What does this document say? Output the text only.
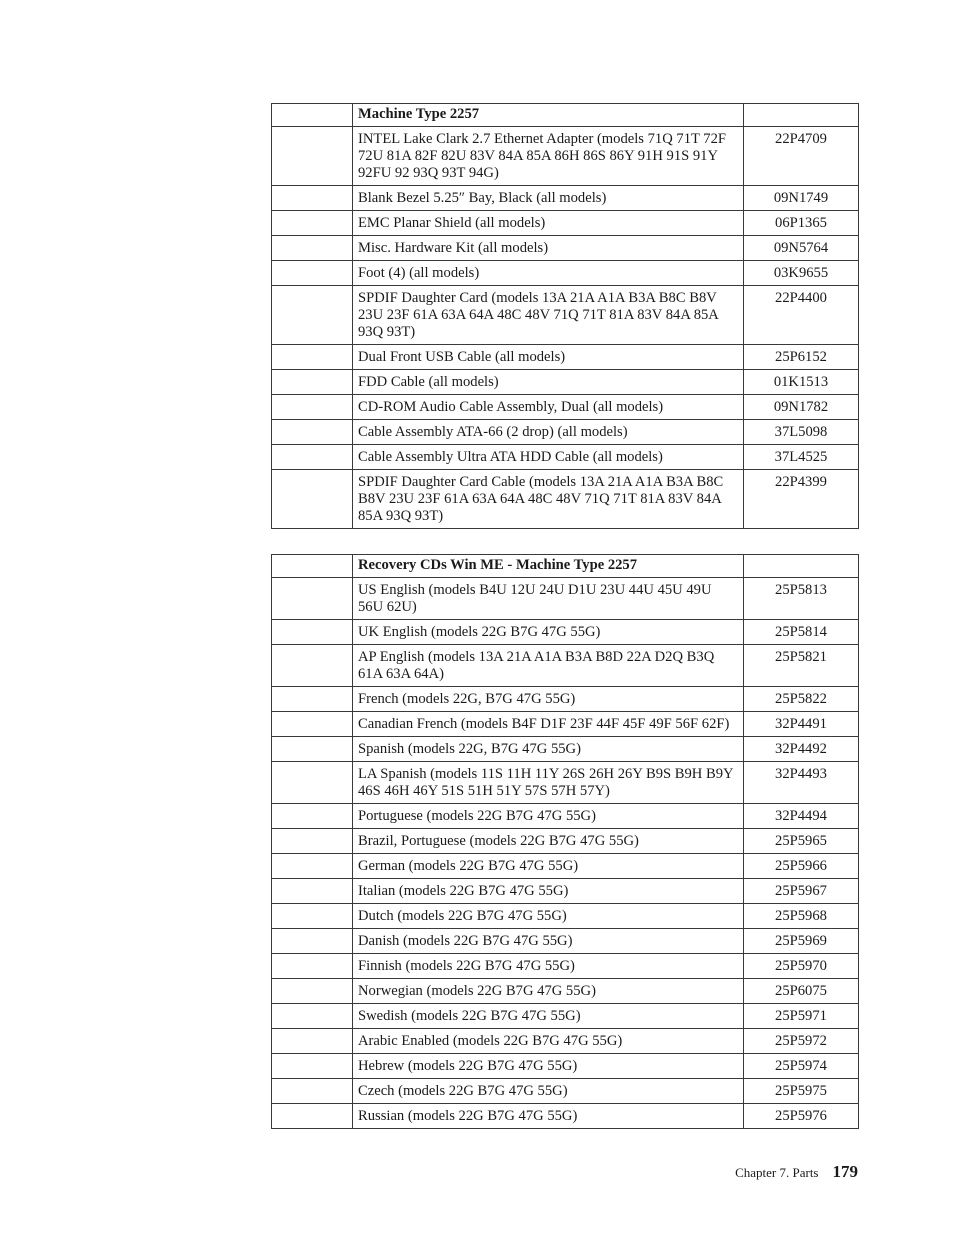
	Machine Type 2257	
	INTEL Lake Clark 2.7 Ethernet Adapter (models 71Q 71T 72F 72U 81A 82F 82U 83V 84A 85A 86H 86S 86Y 91H 91S 91Y 92FU 92 93Q 93T 94G)	22P4709
	Blank Bezel 5.25″ Bay, Black (all models)	09N1749
	EMC Planar Shield (all models)	06P1365
	Misc. Hardware Kit (all models)	09N5764
	Foot (4) (all models)	03K9655
	SPDIF Daughter Card (models 13A 21A A1A B3A B8C B8V 23U 23F 61A 63A 64A 48C 48V 71Q 71T 81A 83V 84A 85A 93Q 93T)	22P4400
	Dual Front USB Cable (all models)	25P6152
	FDD Cable (all models)	01K1513
	CD-ROM Audio Cable Assembly, Dual (all models)	09N1782
	Cable Assembly ATA-66 (2 drop) (all models)	37L5098
	Cable Assembly Ultra ATA HDD Cable (all models)	37L4525
	SPDIF Daughter Card Cable (models 13A 21A A1A B3A B8C B8V 23U 23F 61A 63A 64A 48C 48V 71Q 71T 81A 83V 84A 85A 93Q 93T)	22P4399
	Recovery CDs Win ME - Machine Type 2257	
	US English (models B4U 12U 24U D1U 23U 44U 45U 49U 56U 62U)	25P5813
	UK English (models 22G B7G 47G 55G)	25P5814
	AP English (models 13A 21A A1A B3A B8D 22A D2Q B3Q 61A 63A 64A)	25P5821
	French (models 22G, B7G 47G 55G)	25P5822
	Canadian French (models B4F D1F 23F 44F 45F 49F 56F 62F)	32P4491
	Spanish (models 22G, B7G 47G 55G)	32P4492
	LA Spanish (models 11S 11H 11Y 26S 26H 26Y B9S B9H B9Y 46S 46H 46Y 51S 51H 51Y 57S 57H 57Y)	32P4493
	Portuguese (models 22G B7G 47G 55G)	32P4494
	Brazil, Portuguese (models 22G B7G 47G 55G)	25P5965
	German (models 22G B7G 47G 55G)	25P5966
	Italian (models 22G B7G 47G 55G)	25P5967
	Dutch (models 22G B7G 47G 55G)	25P5968
	Danish (models 22G B7G 47G 55G)	25P5969
	Finnish (models 22G B7G 47G 55G)	25P5970
	Norwegian (models 22G B7G 47G 55G)	25P6075
	Swedish (models 22G B7G 47G 55G)	25P5971
	Arabic Enabled (models 22G B7G 47G 55G)	25P5972
	Hebrew (models 22G B7G 47G 55G)	25P5974
	Czech (models 22G B7G 47G 55G)	25P5975
	Russian (models 22G B7G 47G 55G)	25P5976
Chapter 7. Parts 179
